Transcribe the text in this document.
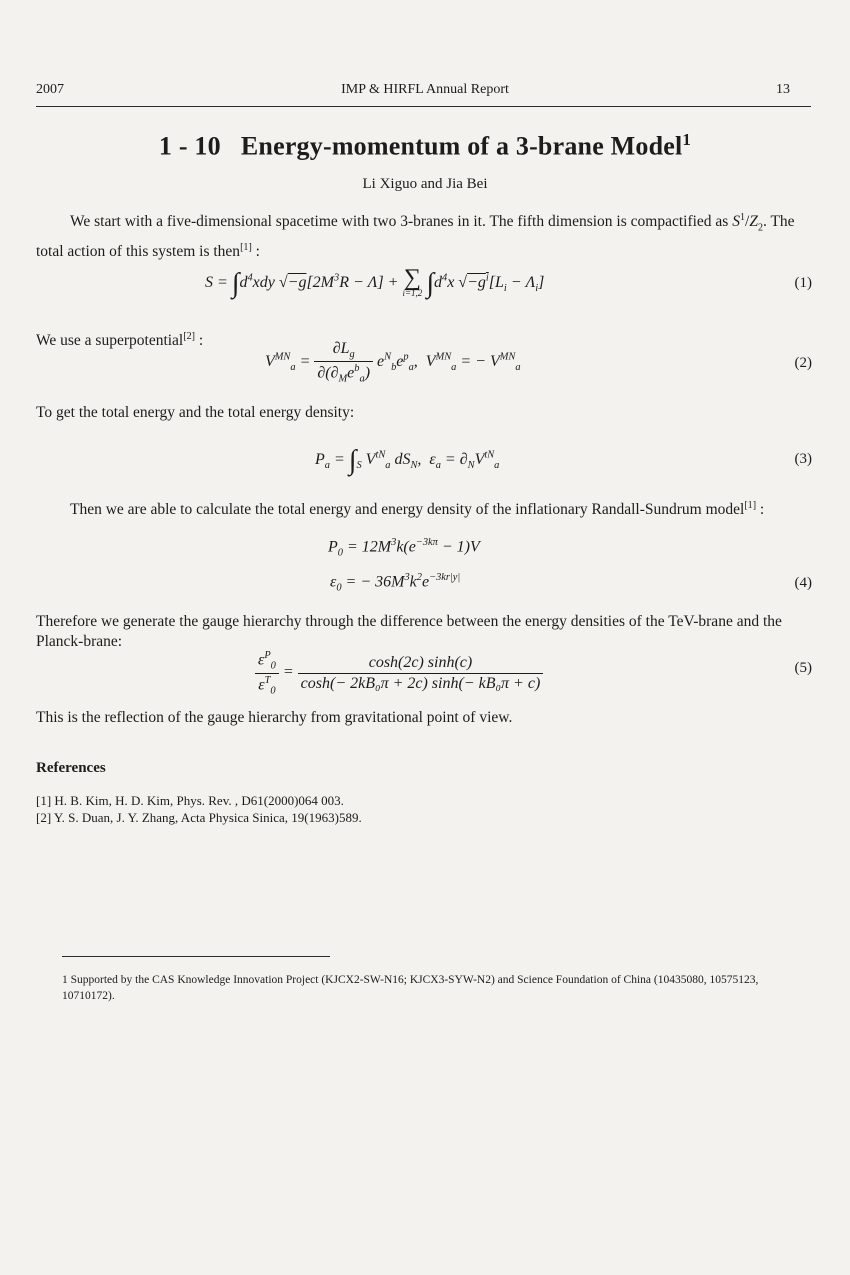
2007	IMP & HIRFL Annual Report	13
1 - 10   Energy-momentum of a 3-brane Model$^1$
Li Xiguo and Jia Bei
We start with a five-dimensional spacetime with two 3-branes in it. The fifth dimension is compactified as $S^1/Z_2$. The total action of this system is then[1] :
$S = \int d^4xdy$ $√-g[2M^3R - \Lambda]$ + ∑
i=1,2 $\int d^4x$ $√-g^i[L_i - \Lambda_i]$	(1)
We use a superpotential[2] :
$V^{MN}_a = \frac{\partial L_g}{\partial(\partial_Me^b_a)} e^N_be^p_a$,  $V^{MN}_a$ = − $V^{MN}_a$	(2)
To get the total energy and the total energy density:
$P_a = \int_S$ $V^{tN}_a$ $dS_N$,  $\varepsilon_a = \partial_NV^{tN}_a$	(3)
Then we are able to calculate the total energy and energy density of the inflationary Randall-Sundrum model[1] :
$P_0 = 12M^3k(e^{-3k\pi} - 1)V$
$\varepsilon_0$ = − $36M^3k^2e^{-3kr|y|}$	(4)
Therefore we generate the gauge hierarchy through the difference between the energy densities of the TeV-brane and the Planck-brane:
$\frac{\varepsilon^P_0}{\varepsilon^T_0} = \frac{\cosh(2c) \sinh(c)}{\text{cosh(− 2kB₀π + 2c) sinh(− kB₀π + c)}}$	(5)
This is the reflection of the gauge hierarchy from gravitational point of view.
References
[1] H. B. Kim, H. D. Kim, Phys. Rev. , D61(2000)064 003.
[2] Y. S. Duan, J. Y. Zhang, Acta Physica Sinica, 19(1963)589.
1 Supported by the CAS Knowledge Innovation Project (KJCX2-SW-N16; KJCX3-SYW-N2) and Science Foundation of China (10435080, 10575123, 10710172).
